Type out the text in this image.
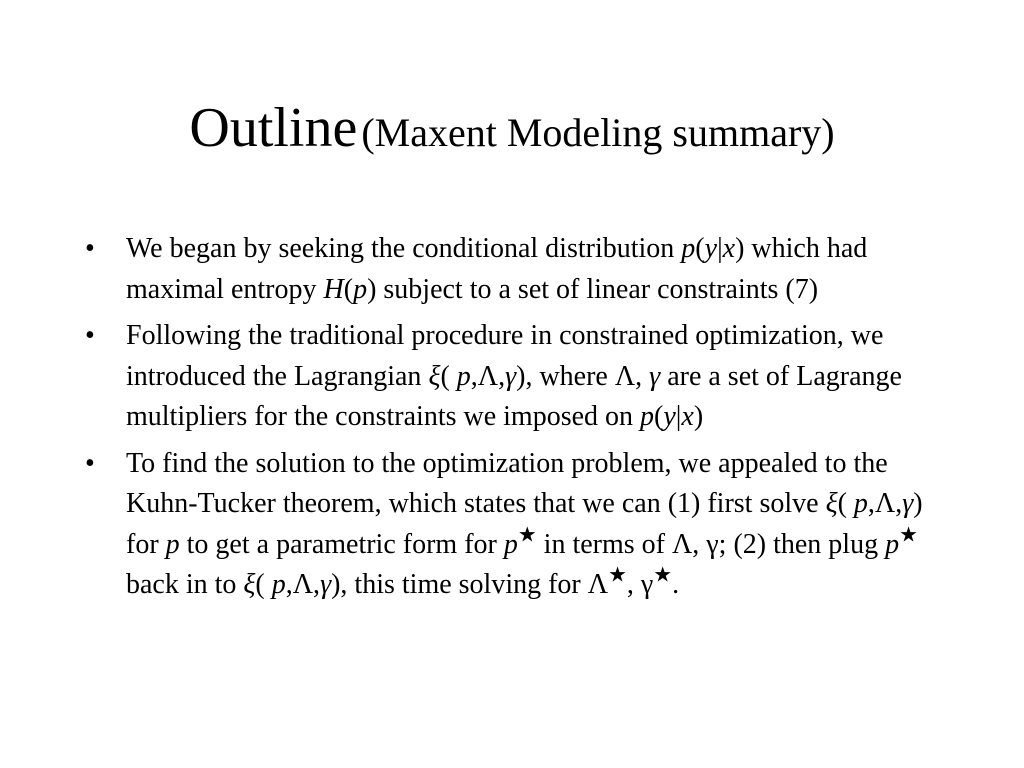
Outline (Maxent Modeling summary)
• We began by seeking the conditional distribution p(y|x) which had maximal entropy H(p) subject to a set of linear constraints (7)
• Following the traditional procedure in constrained optimization, we introduced the Lagrangian ξ( p,Λ,γ), where Λ, γ are a set of Lagrange multipliers for the constraints we imposed on p(y|x)
• To find the solution to the optimization problem, we appealed to the Kuhn-Tucker theorem, which states that we can (1) first solve ξ( p,Λ,γ) for p to get a parametric form for p★ in terms of Λ, γ; (2) then plug p★ back in to ξ( p,Λ,γ), this time solving for Λ★, γ★.
